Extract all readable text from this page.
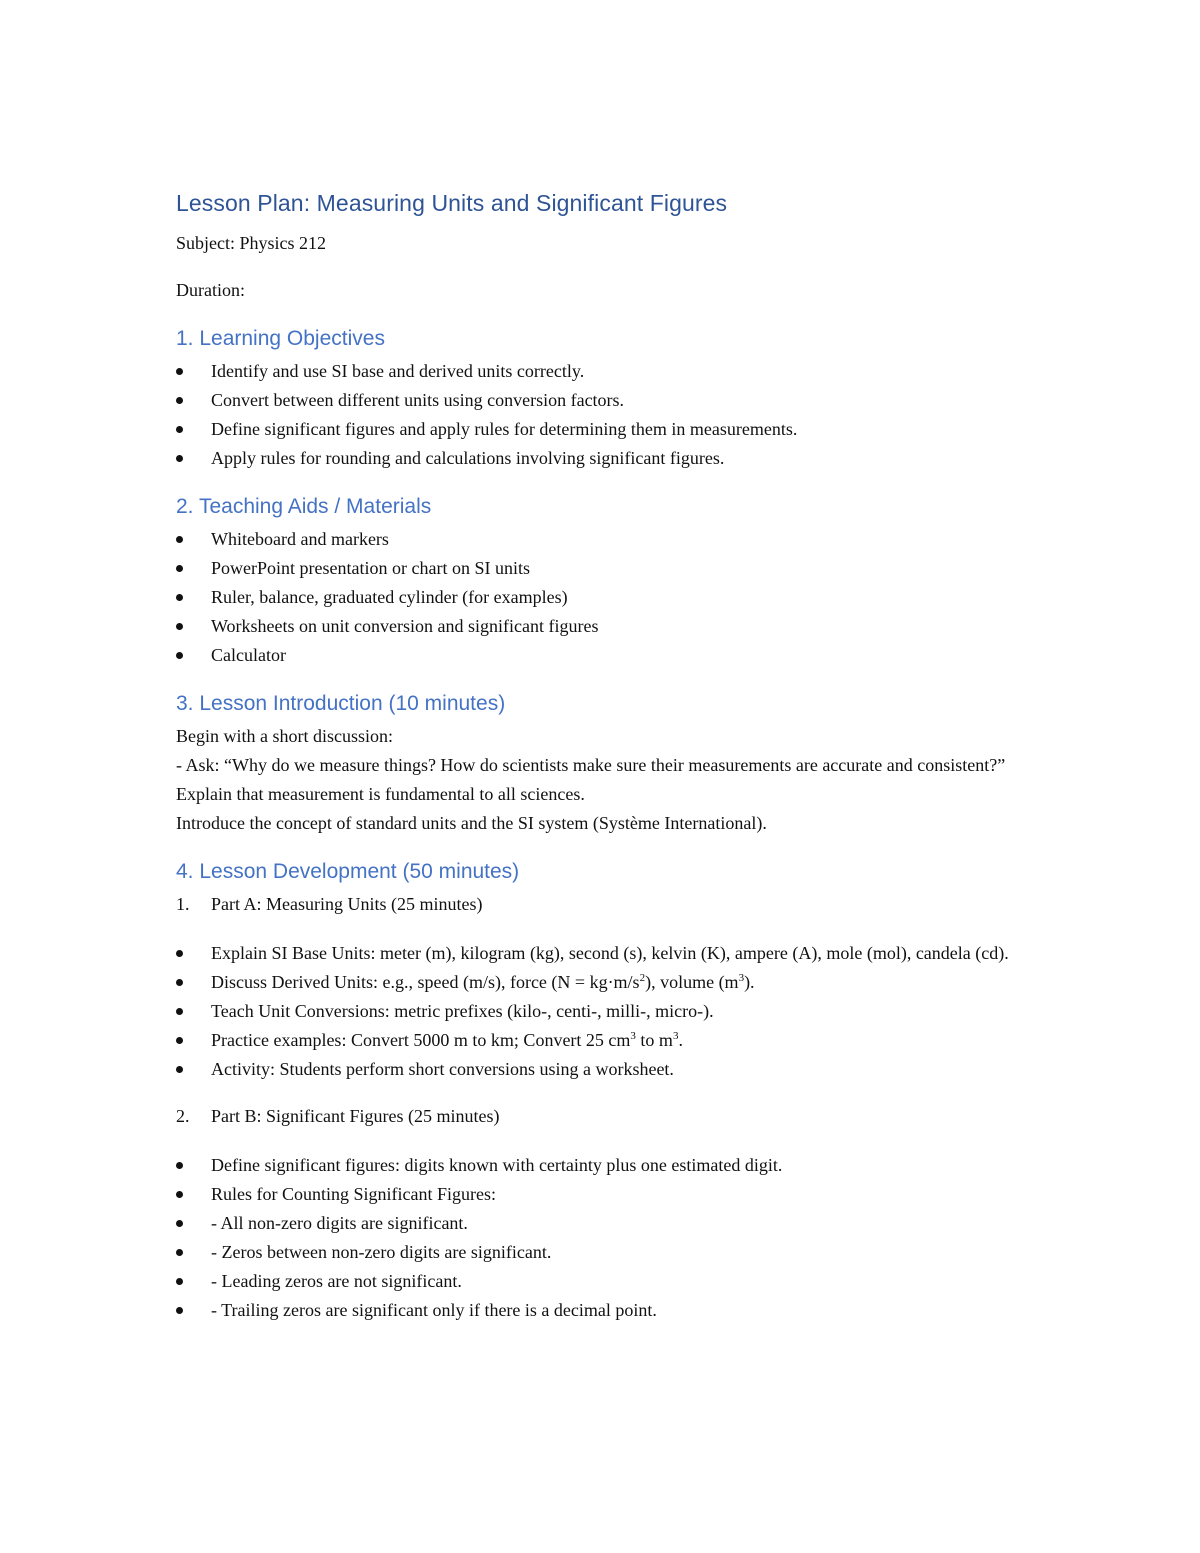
Lesson Plan: Measuring Units and Significant Figures

Subject: Physics 212

Duration:

1. Learning Objectives
Identify and use SI base and derived units correctly.
Convert between different units using conversion factors.
Define significant figures and apply rules for determining them in measurements.
Apply rules for rounding and calculations involving significant figures.
2. Teaching Aids / Materials
Whiteboard and markers
PowerPoint presentation or chart on SI units
Ruler, balance, graduated cylinder (for examples)
Worksheets on unit conversion and significant figures
Calculator
3. Lesson Introduction (10 minutes)

Begin with a short discussion:

- Ask: “Why do we measure things? How do scientists make sure their measurements are accurate and consistent?”

Explain that measurement is fundamental to all sciences.

Introduce the concept of standard units and the SI system (Système International).

4. Lesson Development (50 minutes)
1. Part A: Measuring Units (25 minutes)
Explain SI Base Units: meter (m), kilogram (kg), second (s), kelvin (K), ampere (A), mole (mol), candela (cd).
Discuss Derived Units: e.g., speed (m/s), force $(N = kg\cdot m/s^2)$, volume $(m^3)$.
Teach Unit Conversions: metric prefixes (kilo-, centi-, milli-, micro-).
Practice examples: Convert 5000 m to km; Convert 25 $cm^3$ to $m^3$.
Activity: Students perform short conversions using a worksheet.
2. Part B: Significant Figures (25 minutes)
Define significant figures: digits known with certainty plus one estimated digit.
Rules for Counting Significant Figures:
- All non-zero digits are significant.
- Zeros between non-zero digits are significant.
- Leading zeros are not significant.
- Trailing zeros are significant only if there is a decimal point.
